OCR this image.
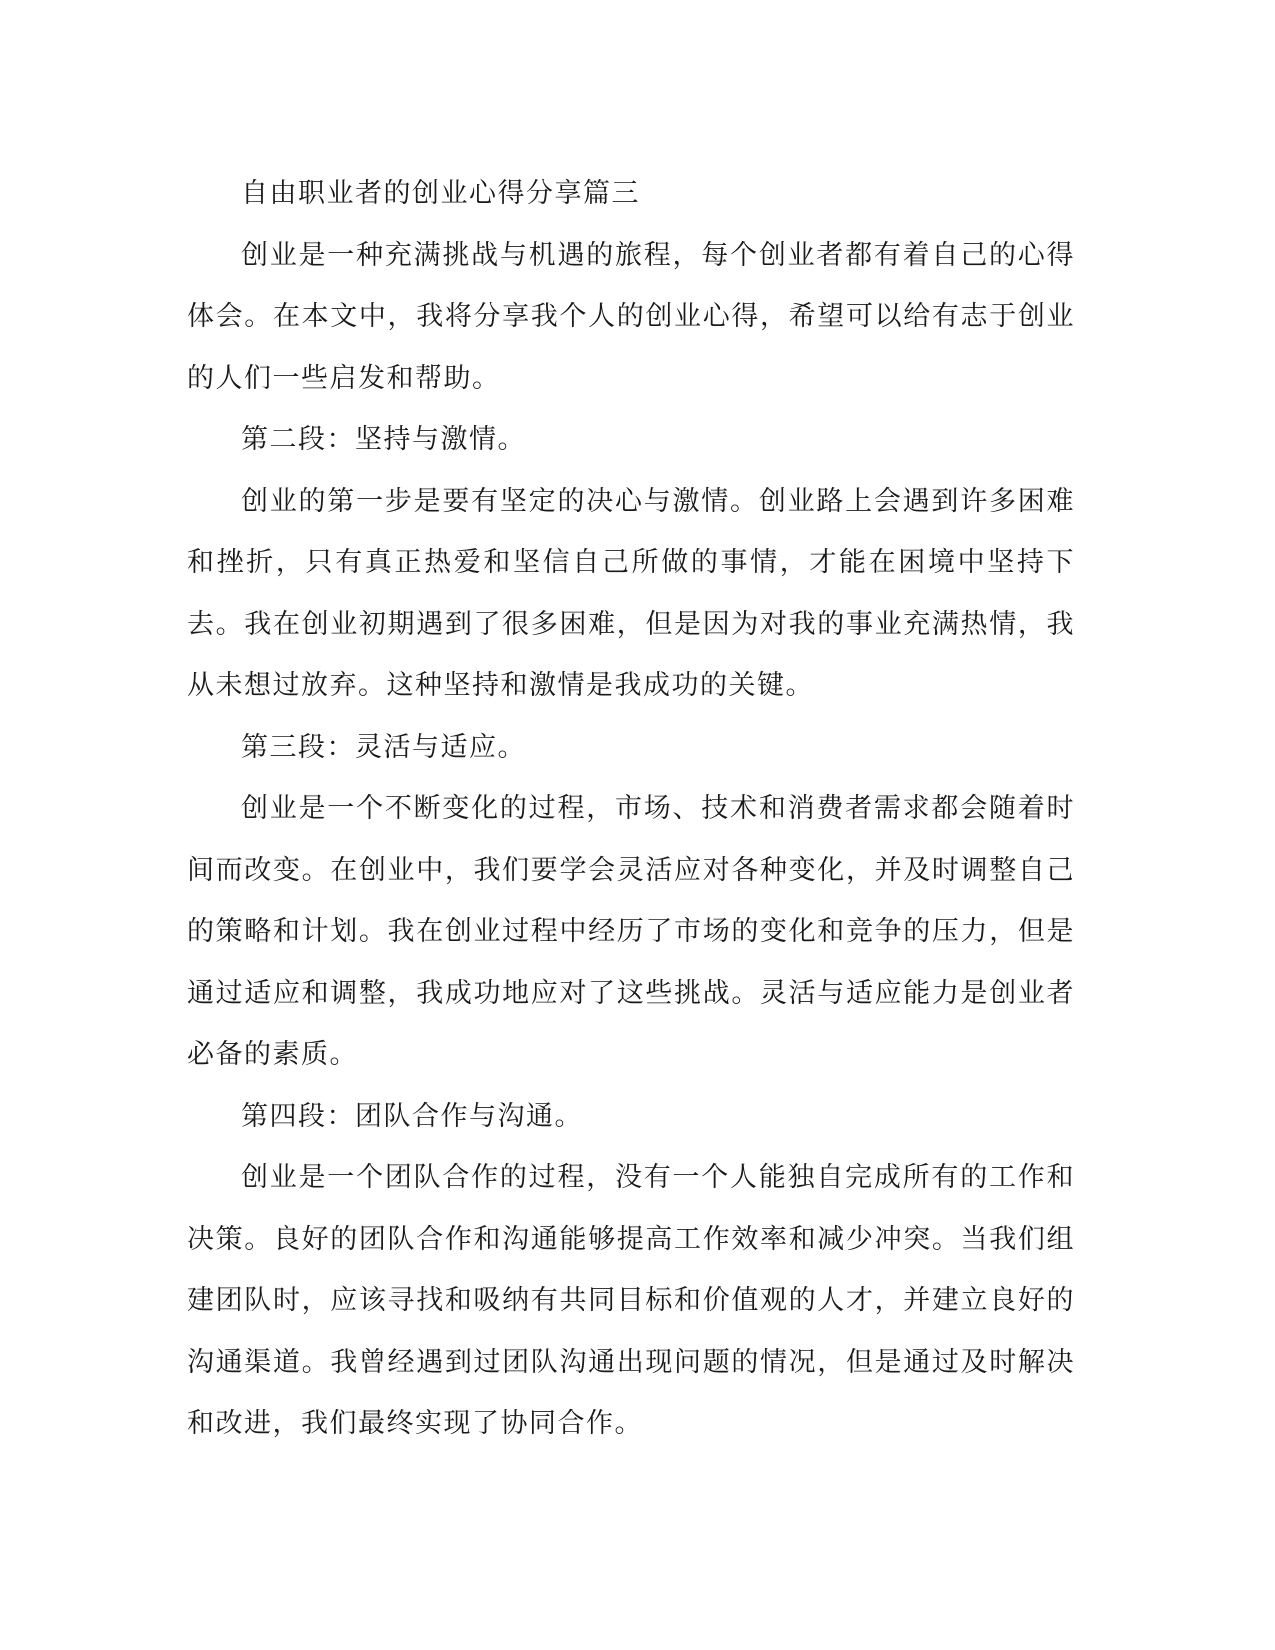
自由职业者的创业心得分享篇三

创业是一种充满挑战与机遇的旅程，每个创业者都有着自己的心得体会。在本文中，我将分享我个人的创业心得，希望可以给有志于创业的人们一些启发和帮助。

第二段：坚持与激情。

创业的第一步是要有坚定的决心与激情。创业路上会遇到许多困难和挫折，只有真正热爱和坚信自己所做的事情，才能在困境中坚持下去。我在创业初期遇到了很多困难，但是因为对我的事业充满热情，我从未想过放弃。这种坚持和激情是我成功的关键。

第三段：灵活与适应。

创业是一个不断变化的过程，市场、技术和消费者需求都会随着时间而改变。在创业中，我们要学会灵活应对各种变化，并及时调整自己的策略和计划。我在创业过程中经历了市场的变化和竞争的压力，但是通过适应和调整，我成功地应对了这些挑战。灵活与适应能力是创业者必备的素质。

第四段：团队合作与沟通。

创业是一个团队合作的过程，没有一个人能独自完成所有的工作和决策。良好的团队合作和沟通能够提高工作效率和减少冲突。当我们组建团队时，应该寻找和吸纳有共同目标和价值观的人才，并建立良好的沟通渠道。我曾经遇到过团队沟通出现问题的情况，但是通过及时解决和改进，我们最终实现了协同合作。
